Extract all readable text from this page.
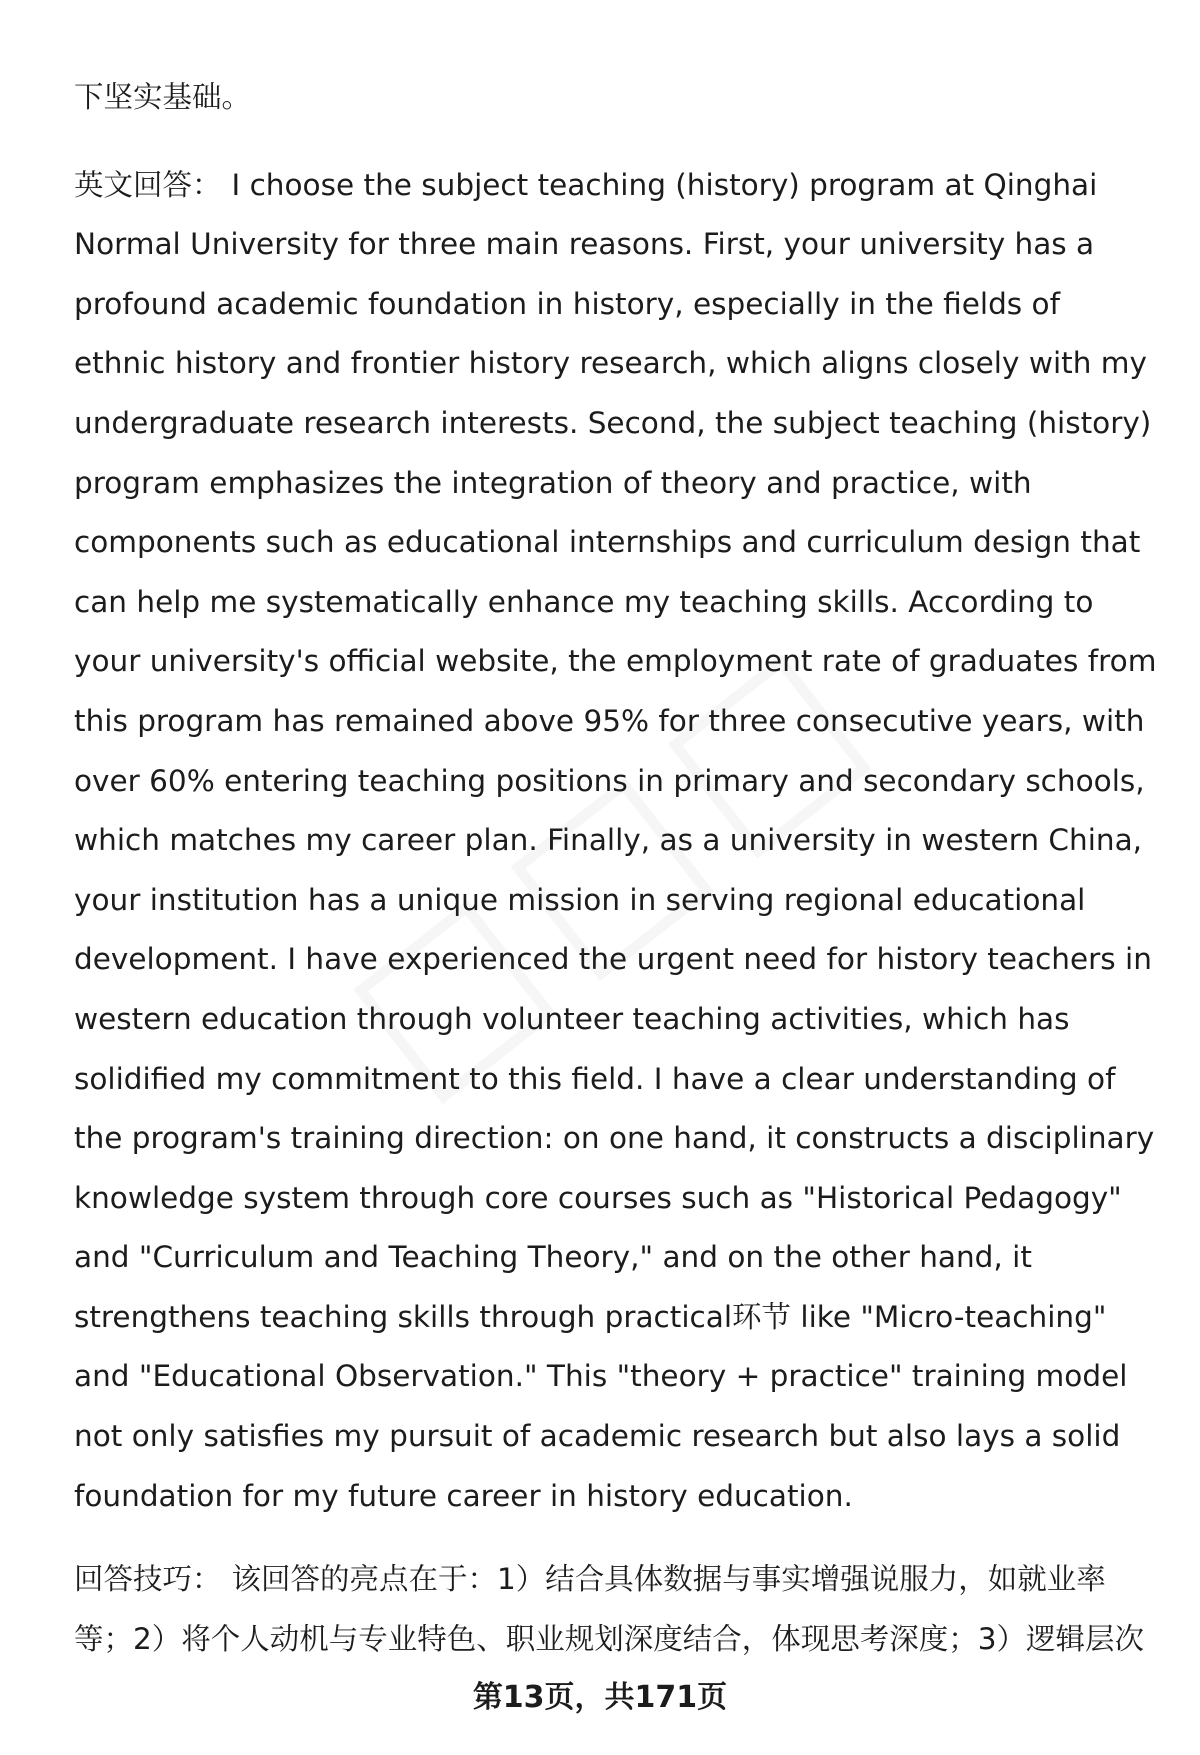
下坚实基础。

英文回答： I choose the subject teaching (history) program at Qinghai Normal University for three main reasons. First, your university has a profound academic foundation in history, especially in the fields of ethnic history and frontier history research, which aligns closely with my undergraduate research interests. Second, the subject teaching (history) program emphasizes the integration of theory and practice, with components such as educational internships and curriculum design that can help me systematically enhance my teaching skills. According to your university's official website, the employment rate of graduates from this program has remained above 95% for three consecutive years, with over 60% entering teaching positions in primary and secondary schools, which matches my career plan. Finally, as a university in western China, your institution has a unique mission in serving regional educational development. I have experienced the urgent need for history teachers in western education through volunteer teaching activities, which has solidified my commitment to this field. I have a clear understanding of the program's training direction: on one hand, it constructs a disciplinary knowledge system through core courses such as "Historical Pedagogy" and "Curriculum and Teaching Theory," and on the other hand, it strengthens teaching skills through practical环节 like "Micro-teaching" and "Educational Observation." This "theory + practice" training model not only satisfies my pursuit of academic research but also lays a solid foundation for my future career in history education.

回答技巧： 该回答的亮点在于：1）结合具体数据与事实增强说服力，如就业率等；2）将个人动机与专业特色、职业规划深度结合，体现思考深度；3）逻辑层次

第13页，共171页
